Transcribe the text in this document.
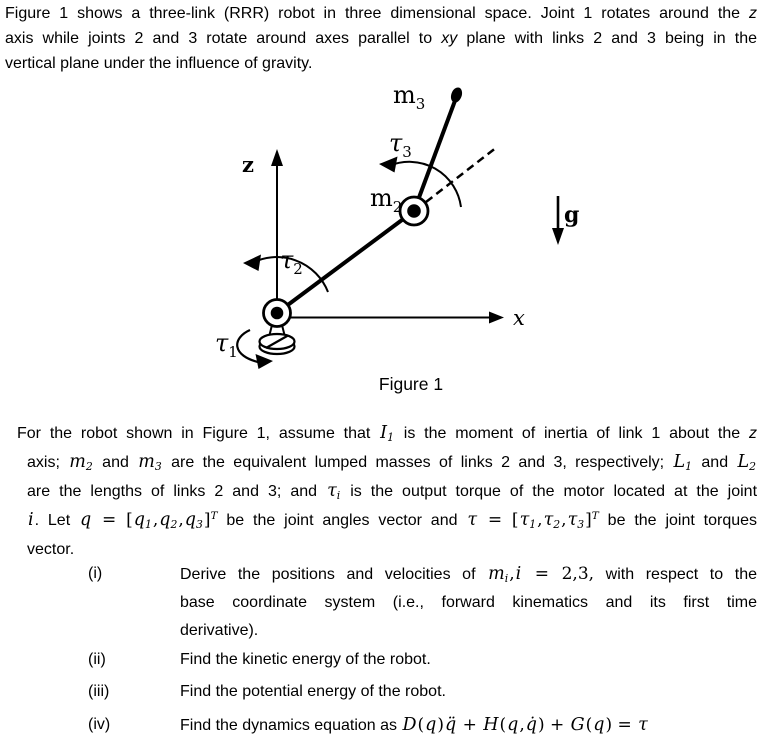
Figure 1 shows a three-link (RRR) robot in three dimensional space. Joint 1 rotates around the z
axis while joints 2 and 3 rotate around axes parallel to xy plane with links 2 and 3 being in the
vertical plane under the influence of gravity.
z
x
g
$m_3$
$m_2$
$\tau_3$
$\tau_2$
$\tau_1$
Figure 1
For the robot shown in Figure 1, assume that $I_1$ is the moment of inertia of link 1 about the z
axis; $m_2$ and $m_3$ are the equivalent lumped masses of links 2 and 3, respectively; $L_1$ and $L_2$
are the lengths of links 2 and 3; and $\tau_i$ is the output torque of the motor located at the joint
i. Let $q = [q_1,q_2,q_3]^T$ be the joint angles vector and $\tau = [\tau_1,\tau_2,\tau_3]^T$ be the joint torques
vector.
(i)	Derive the positions and velocities of $m_i,i = 2,3$, with respect to the
base coordinate system (i.e., forward kinematics and its first time
derivative).
(ii)	Find the kinetic energy of the robot.
(iii)	Find the potential energy of the robot.
(iv)	Find the dynamics equation as D(q)q̈ + H(q,q̇) + G(q) = τ
